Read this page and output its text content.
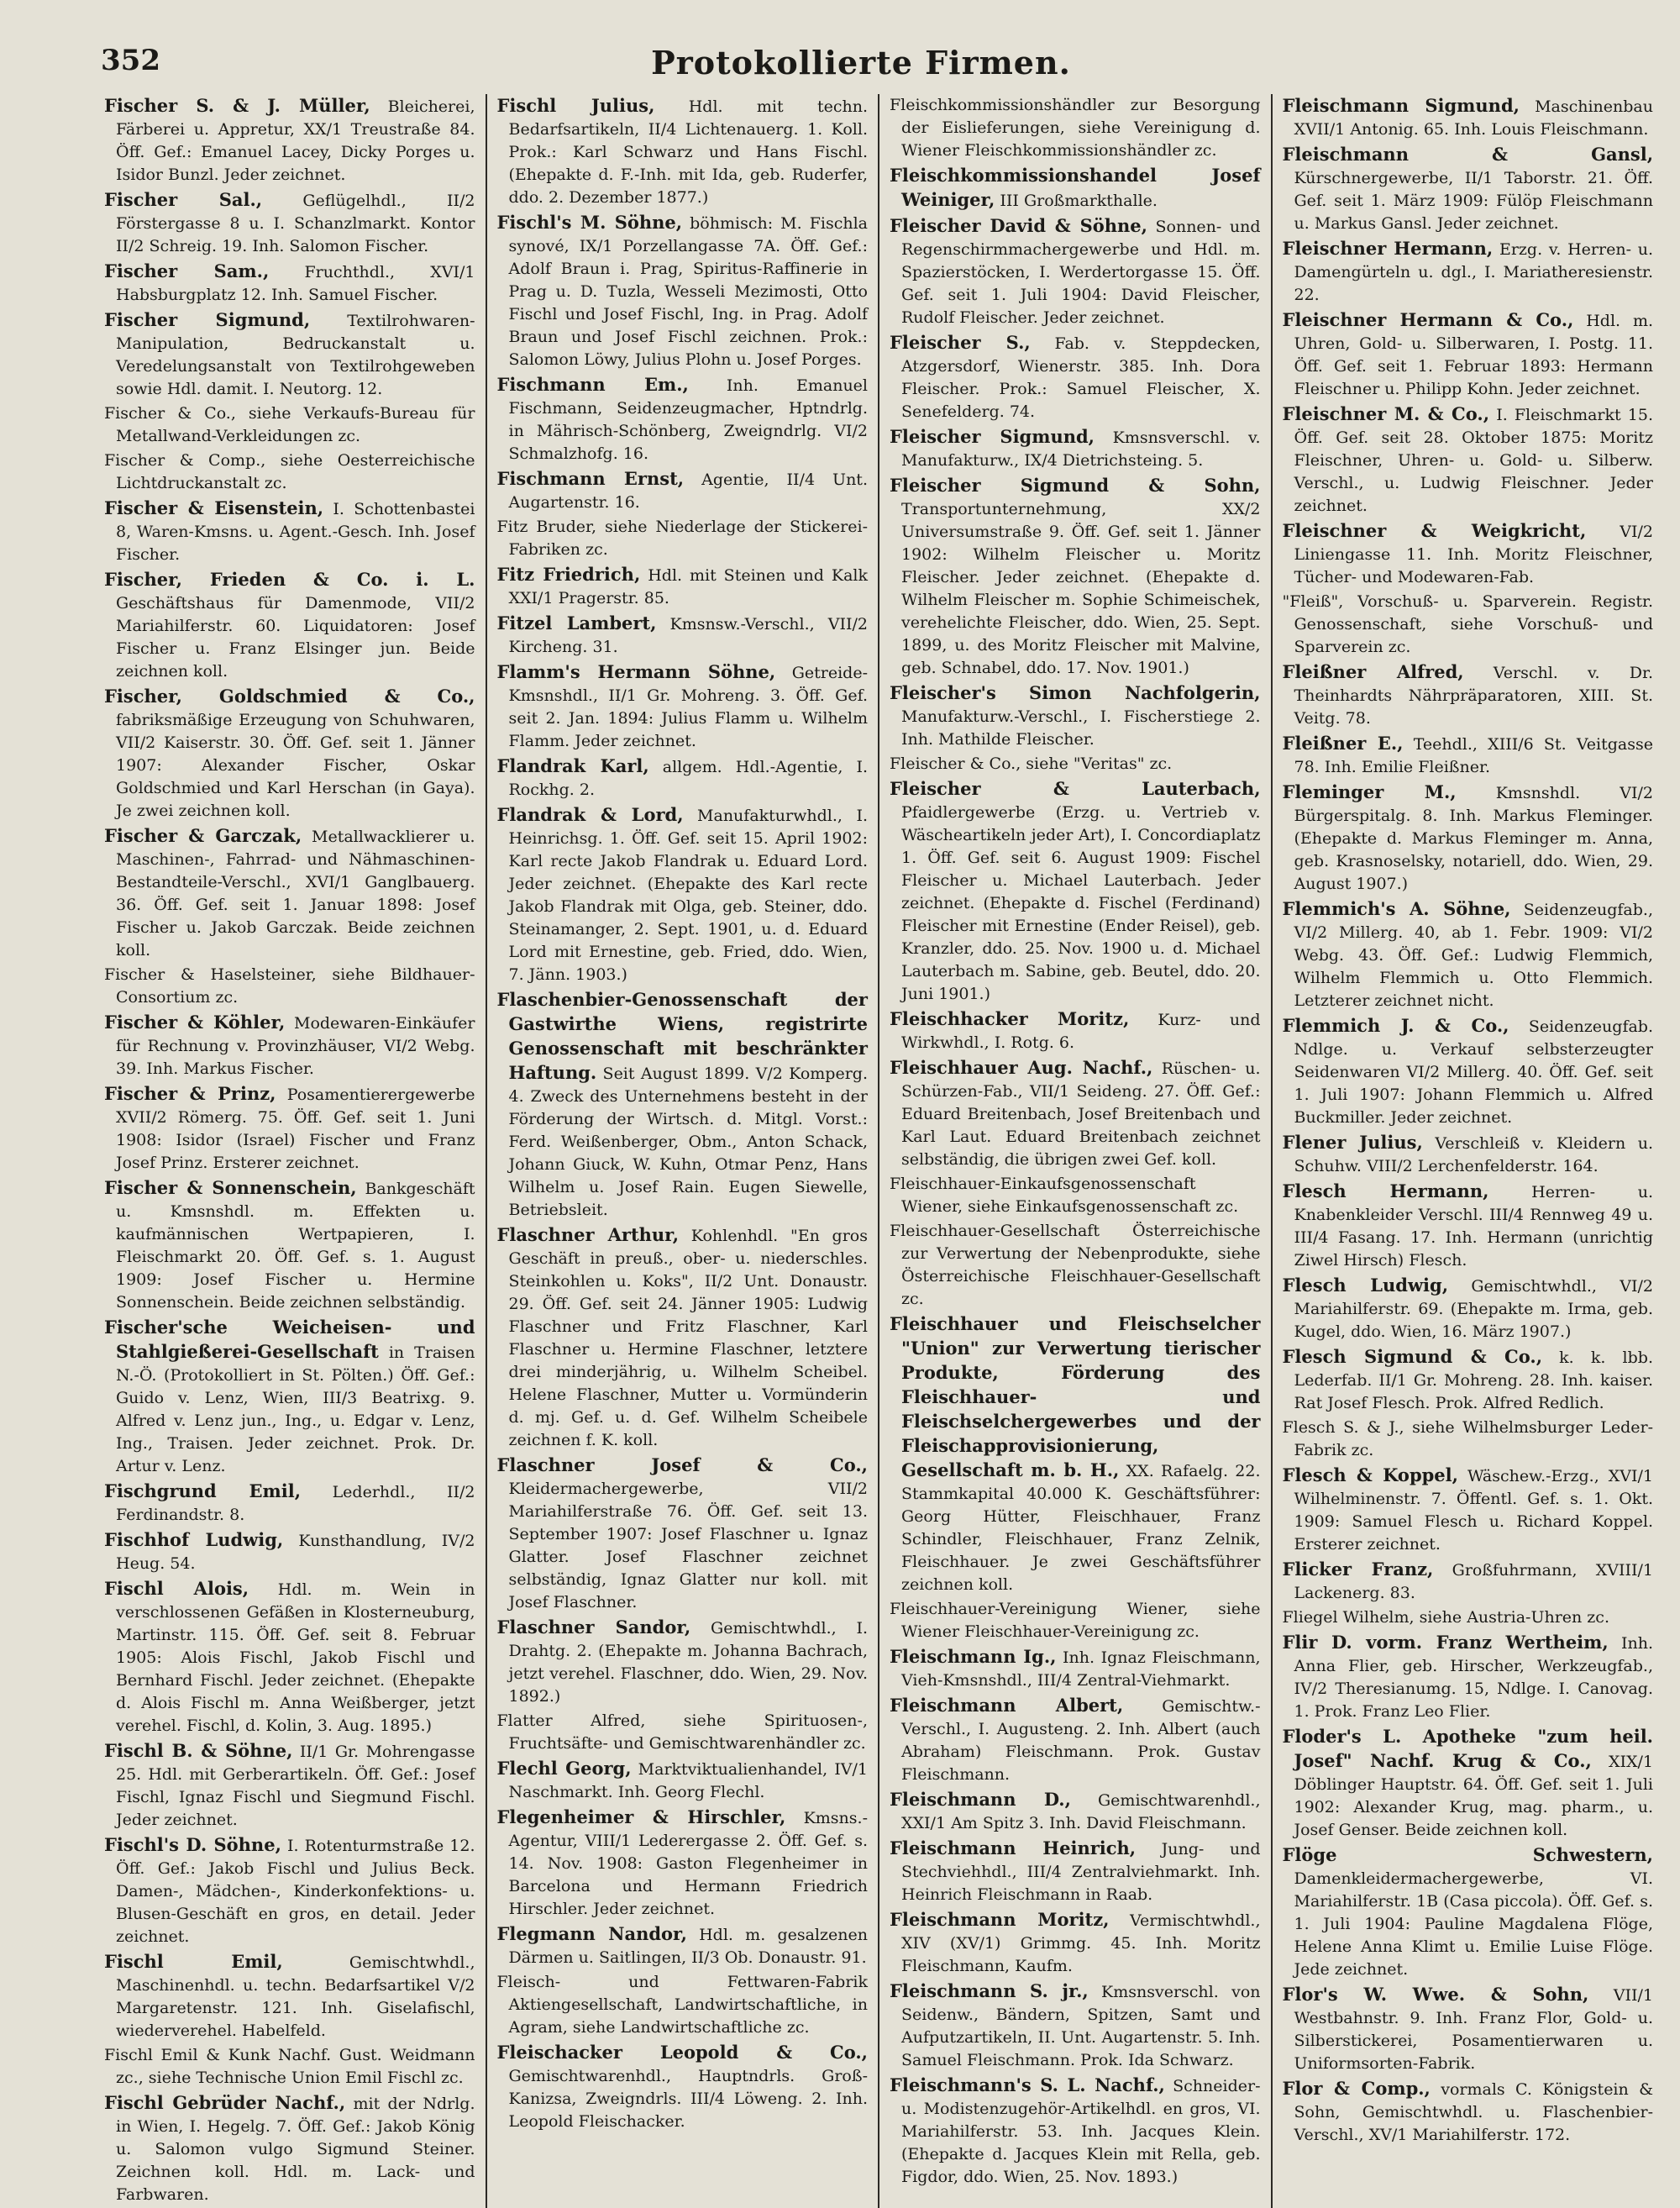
352	Protokollierte Firmen.

Fischer S. & J. Müller, Bleicherei, Färberei u. Appretur, XX/1 Treustraße 84. Öff. Gef.: Emanuel Lacey, Dicky Porges u. Isidor Bunzl. Jeder zeichnet.

Fischer Sal.,	Geflügelhdl., II/2 Förstergasse 8 u. I. Schanzlmarkt. Kontor II/2 Schreig. 19. Inh. Salomon Fischer.

Fischer Sam., Fruchthdl., XVI/1 Habsburgplatz 12. Inh. Samuel Fischer.

Fischer Sigmund, Textilrohwaren-Manipulation, Bedruckanstalt u. Veredelungsanstalt von Textilrohgeweben sowie Hdl. damit. I. Neutorg. 12.

Fischer & Co., siehe Verkaufs-Bureau für Metallwand-Verkleidungen zc.

Fischer & Comp., siehe Oesterreichische Lichtdruckanstalt zc.

Fischer & Eisenstein, I. Schottenbastei 8, Waren-Kmsns. u. Agent.-Gesch. Inh. Josef Fischer.

Fischer, Frieden & Co. i. L. Geschäftshaus für Damenmode, VII/2 Mariahilferstr. 60. Liquidatoren: Josef Fischer u. Franz Elsinger jun. Beide zeichnen koll.

Fischer, Goldschmied & Co., fabriksmäßige Erzeugung von Schuhwaren, VII/2 Kaiserstr. 30. Öff. Gef. seit 1. Jänner 1907: Alexander Fischer, Oskar Goldschmied und Karl Herschan (in Gaya). Je zwei zeichnen koll.

Fischer & Garczak, Metallwacklierer u. Maschinen-, Fahrrad- und Nähmaschinen-Bestandteile-Verschl., XVI/1 Ganglbauerg. 36. Öff. Gef. seit 1. Januar 1898: Josef Fischer u. Jakob Garczak. Beide zeichnen koll.

Fischer & Haselsteiner, siehe Bildhauer-Consortium zc.

Fischer & Köhler, Modewaren-Einkäufer für Rechnung v. Provinzhäuser, VI/2 Webg. 39. Inh. Markus Fischer.

Fischer & Prinz, Posamentierergewerbe XVII/2 Römerg. 75. Öff. Gef. seit 1. Juni 1908: Isidor (Israel) Fischer und Franz Josef Prinz. Ersterer zeichnet.

Fischer & Sonnenschein, Bankgeschäft u. Kmsnshdl. m. Effekten u. kaufmännischen Wertpapieren, I. Fleischmarkt 20. Öff. Gef. s. 1. August 1909: Josef Fischer u. Hermine Sonnenschein. Beide zeichnen selbständig.

Fischer'sche Weicheisen- und Stahlgießerei-Gesellschaft in Traisen N.-Ö. (Protokolliert in St. Pölten.) Öff. Gef.: Guido v. Lenz, Wien, III/3 Beatrixg. 9. Alfred v. Lenz jun., Ing., u. Edgar v. Lenz, Ing., Traisen. Jeder zeichnet. Prok. Dr. Artur v. Lenz.

Fischgrund Emil, Lederhdl., II/2 Ferdinandstr. 8.

Fischhof Ludwig, Kunsthandlung, IV/2 Heug. 54.

Fischl Alois, Hdl. m. Wein in verschlossenen Gefäßen in Klosterneuburg, Martinstr. 115. Öff. Gef. seit 8. Februar 1905: Alois Fischl, Jakob Fischl und Bernhard Fischl. Jeder zeichnet. (Ehepakte d. Alois Fischl m. Anna Weißberger, jetzt verehel. Fischl, d. Kolin, 3. Aug. 1895.)

Fischl B. & Söhne, II/1 Gr. Mohrengasse 25. Hdl. mit Gerberartikeln. Öff. Gef.: Josef Fischl, Ignaz Fischl und Siegmund Fischl. Jeder zeichnet.

Fischl's D. Söhne, I. Rotenturmstraße 12. Öff. Gef.: Jakob Fischl und Julius Beck. Damen-, Mädchen-, Kinderkonfektions- u. Blusen-Geschäft en gros, en detail. Jeder zeichnet.

Fischl Emil,	Gemischtwhdl., Maschinenhdl. u. techn. Bedarfsartikel V/2 Margaretenstr. 121. Inh. Giselafischl, wiederverehel. Habelfeld.

Fischl Emil & Kunk Nachf. Gust. Weidmann zc., siehe Technische Union Emil Fischl zc.

Fischl Gebrüder Nachf., mit der Ndrlg. in Wien, I. Hegelg. 7. Öff. Gef.: Jakob König u. Salomon vulgo Sigmund Steiner. Zeichnen koll. Hdl. m. Lack- und Farbwaren.

Fischl Julius, Hdl. mit techn. Bedarfsartikeln, II/4 Lichtenauerg. 1. Koll. Prok.: Karl Schwarz und Hans Fischl. (Ehepakte d. F.-Inh. mit Ida, geb. Ruderfer, ddo. 2. Dezember 1877.)

Fischl's M. Söhne, böhmisch: M. Fischla synové, IX/1 Porzellangasse 7A. Öff. Gef.: Adolf Braun i. Prag, Spiritus-Raffinerie in Prag u. D. Tuzla, Wesseli Mezimosti, Otto Fischl und Josef Fischl, Ing. in Prag. Adolf Braun und Josef Fischl zeichnen. Prok.: Salomon Löwy, Julius Plohn u. Josef Porges.

Fischmann Em., Inh. Emanuel Fischmann, Seidenzeugmacher, Hptndrlg. in Mährisch-Schönberg, Zweigndrlg. VI/2 Schmalzhofg. 16.

Fischmann Ernst, Agentie, II/4 Unt. Augartenstr. 16.

Fitz Bruder, siehe Niederlage der Stickerei-Fabriken zc.

Fitz Friedrich, Hdl. mit Steinen und Kalk XXI/1 Pragerstr. 85.

Fitzel Lambert, Kmsnsw.-Verschl., VII/2 Kircheng. 31.

Flamm's Hermann Söhne, Getreide-Kmsnshdl., II/1 Gr. Mohreng. 3. Öff. Gef. seit 2. Jan. 1894: Julius Flamm u. Wilhelm Flamm. Jeder zeichnet.

Flandrak Karl, allgem. Hdl.-Agentie, I. Rockhg. 2.

Flandrak & Lord, Manufakturwhdl., I. Heinrichsg. 1. Öff. Gef. seit 15. April 1902: Karl recte Jakob Flandrak u. Eduard Lord. Jeder zeichnet. (Ehepakte des Karl recte Jakob Flandrak mit Olga, geb. Steiner, ddo. Steinamanger, 2. Sept. 1901, u. d. Eduard Lord mit Ernestine, geb. Fried, ddo. Wien, 7. Jänn. 1903.)

Flaschenbier-Genossenschaft der Gastwirthe Wiens, registrirte Genossenschaft mit beschränkter Haftung. Seit August 1899. V/2 Komperg. 4. Zweck des Unternehmens besteht in der Förderung der Wirtsch. d. Mitgl. Vorst.: Ferd. Weißenberger, Obm., Anton Schack, Johann Giuck, W. Kuhn, Otmar Penz, Hans Wilhelm u. Josef Rain. Eugen Siewelle, Betriebsleit.

Flaschner Arthur, Kohlenhdl. "En gros Geschäft in preuß., ober- u. niederschles. Steinkohlen u. Koks", II/2 Unt. Donaustr. 29. Öff. Gef. seit 24. Jänner 1905: Ludwig Flaschner und Fritz Flaschner, Karl Flaschner u. Hermine Flaschner, letztere drei minderjährig, u. Wilhelm Scheibel. Helene Flaschner, Mutter u. Vormünderin d. mj. Gef. u. d. Gef. Wilhelm Scheibele zeichnen f. K. koll.

Flaschner Josef & Co., Kleidermachergewerbe, VII/2 Mariahilferstraße 76. Öff. Gef. seit 13. September 1907: Josef Flaschner u. Ignaz Glatter. Josef Flaschner zeichnet selbständig, Ignaz Glatter nur koll. mit Josef Flaschner.

Flaschner Sandor, Gemischtwhdl., I. Drahtg. 2. (Ehepakte m. Johanna Bachrach, jetzt verehel. Flaschner, ddo. Wien, 29. Nov. 1892.)

Flatter Alfred, siehe Spirituosen-, Fruchtsäfte- und Gemischtwarenhändler zc.

Flechl Georg, Marktviktualienhandel, IV/1 Naschmarkt. Inh. Georg Flechl.

Flegenheimer & Hirschler, Kmsns.-Agentur, VIII/1 Lederergasse 2. Öff. Gef. s. 14. Nov. 1908: Gaston Flegenheimer in Barcelona und Hermann Friedrich Hirschler. Jeder zeichnet.

Flegmann Nandor, Hdl. m. gesalzenen Därmen u. Saitlingen, II/3 Ob. Donaustr. 91.

Fleisch- und Fettwaren-Fabrik Aktiengesellschaft, Landwirtschaftliche, in Agram, siehe Landwirtschaftliche zc.

Fleischacker Leopold & Co., Gemischtwarenhdl., Hauptndrls. Groß-Kanizsa, Zweigndrls. III/4 Löweng. 2. Inh. Leopold Fleischacker.

Fleischkommissionshändler zur Besorgung der Eislieferungen, siehe Vereinigung d. Wiener Fleischkommissionshändler zc.

Fleischkommissionshandel Josef Weiniger, III Großmarkthalle.

Fleischer David & Söhne, Sonnen- und Regenschirmmachergewerbe und Hdl. m. Spazierstöcken, I. Werdertorgasse 15. Öff. Gef. seit 1. Juli 1904: David Fleischer, Rudolf Fleischer. Jeder zeichnet.

Fleischer S., Fab. v. Steppdecken, Atzgersdorf, Wienerstr. 385. Inh. Dora Fleischer. Prok.: Samuel Fleischer, X. Senefelderg. 74.

Fleischer Sigmund, Kmsnsverschl. v. Manufakturw., IX/4 Dietrichsteing. 5.

Fleischer Sigmund & Sohn, Transportunternehmung, XX/2 Universumstraße 9. Öff. Gef. seit 1. Jänner 1902: Wilhelm Fleischer u. Moritz Fleischer. Jeder zeichnet. (Ehepakte d. Wilhelm Fleischer m. Sophie Schimeischek, verehelichte Fleischer, ddo. Wien, 25. Sept. 1899, u. des Moritz Fleischer mit Malvine, geb. Schnabel, ddo. 17. Nov. 1901.)

Fleischer's Simon Nachfolgerin, Manufakturw.-Verschl., I. Fischerstiege 2. Inh. Mathilde Fleischer.

Fleischer & Co., siehe "Veritas" zc.

Fleischer & Lauterbach, Pfaidlergewerbe (Erzg. u. Vertrieb v. Wäscheartikeln jeder Art), I. Concordiaplatz 1. Öff. Gef. seit 6. August 1909: Fischel Fleischer u. Michael Lauterbach. Jeder zeichnet. (Ehepakte d. Fischel (Ferdinand) Fleischer mit Ernestine (Ender Reisel), geb. Kranzler, ddo. 25. Nov. 1900 u. d. Michael Lauterbach m. Sabine, geb. Beutel, ddo. 20. Juni 1901.)

Fleischhacker Moritz, Kurz- und Wirkwhdl., I. Rotg. 6.

Fleischhauer Aug. Nachf., Rüschen- u. Schürzen-Fab., VII/1 Seideng. 27. Öff. Gef.: Eduard Breitenbach, Josef Breitenbach und Karl Laut. Eduard Breitenbach zeichnet selbständig, die übrigen zwei Gef. koll.

Fleischhauer-Einkaufsgenossenschaft Wiener, siehe Einkaufsgenossenschaft zc.

Fleischhauer-Gesellschaft Österreichische zur Verwertung der Nebenprodukte, siehe Österreichische Fleischhauer-Gesellschaft zc.

Fleischhauer und Fleischselcher "Union" zur Verwertung tierischer Produkte, Förderung des Fleischhauer- und Fleischselchergewerbes und der Fleischapprovisionierung, Gesellschaft m. b. H., XX. Rafaelg. 22. Stammkapital 40.000 K. Geschäftsführer: Georg Hütter, Fleischhauer, Franz Schindler, Fleischhauer, Franz Zelnik, Fleischhauer. Je zwei Geschäftsführer zeichnen koll.

Fleischhauer-Vereinigung Wiener, siehe Wiener Fleischhauer-Vereinigung zc.

Fleischmann Ig., Inh. Ignaz Fleischmann, Vieh-Kmsnshdl., III/4 Zentral-Viehmarkt.

Fleischmann Albert, Gemischtw.-Verschl., I. Augusteng. 2. Inh. Albert (auch Abraham) Fleischmann. Prok. Gustav Fleischmann.

Fleischmann D., Gemischtwarenhdl., XXI/1 Am Spitz 3. Inh. David Fleischmann.

Fleischmann Heinrich, Jung- und Stechviehhdl., III/4 Zentralviehmarkt. Inh. Heinrich Fleischmann in Raab.

Fleischmann Moritz, Vermischtwhdl., XIV (XV/1) Grimmg. 45. Inh. Moritz Fleischmann, Kaufm.

Fleischmann S. jr., Kmsnsverschl. von Seidenw., Bändern, Spitzen, Samt und Aufputzartikeln, II. Unt. Augartenstr. 5. Inh. Samuel Fleischmann. Prok. Ida Schwarz.

Fleischmann's S. L. Nachf., Schneider- u. Modistenzugehör-Artikelhdl. en gros, VI. Mariahilferstr. 53. Inh. Jacques Klein. (Ehepakte d. Jacques Klein mit Rella, geb. Figdor, ddo. Wien, 25. Nov. 1893.)

Fleischmann Sigmund, Maschinenbau XVII/1 Antonig. 65. Inh. Louis Fleischmann.

Fleischmann & Gansl, Kürschnergewerbe, II/1 Taborstr. 21. Öff. Gef. seit 1. März 1909: Fülöp Fleischmann u. Markus Gansl. Jeder zeichnet.

Fleischner Hermann, Erzg. v. Herren- u. Damengürteln u. dgl., I. Mariatheresienstr. 22.

Fleischner Hermann & Co., Hdl. m. Uhren, Gold- u. Silberwaren, I. Postg. 11. Öff. Gef. seit 1. Februar 1893: Hermann Fleischner u. Philipp Kohn. Jeder zeichnet.

Fleischner M. & Co., I. Fleischmarkt 15. Öff. Gef. seit 28. Oktober 1875: Moritz Fleischner, Uhren- u. Gold- u. Silberw. Verschl., u. Ludwig Fleischner. Jeder zeichnet.

Fleischner & Weigkricht, VI/2 Liniengasse 11. Inh. Moritz Fleischner, Tücher- und Modewaren-Fab.

"Fleiß", Vorschuß- u. Sparverein. Registr. Genossenschaft, siehe Vorschuß- und Sparverein zc.

Fleißner Alfred, Verschl. v. Dr. Theinhardts Nährpräparatoren, XIII. St. Veitg. 78.

Fleißner E., Teehdl., XIII/6 St. Veitgasse 78. Inh. Emilie Fleißner.

Fleminger M., Kmsnshdl. VI/2 Bürgerspitalg. 8. Inh. Markus Fleminger. (Ehepakte d. Markus Fleminger m. Anna, geb. Krasnoselsky, notariell, ddo. Wien, 29. August 1907.)

Flemmich's A. Söhne, Seidenzeugfab., VI/2 Millerg. 40, ab 1. Febr. 1909: VI/2 Webg. 43. Öff. Gef.: Ludwig Flemmich, Wilhelm Flemmich u. Otto Flemmich. Letzterer zeichnet nicht.

Flemmich J. & Co., Seidenzeugfab. Ndlge. u. Verkauf selbsterzeugter Seidenwaren VI/2 Millerg. 40. Öff. Gef. seit 1. Juli 1907: Johann Flemmich u. Alfred Buckmiller. Jeder zeichnet.

Flener Julius, Verschleiß v. Kleidern u. Schuhw. VIII/2 Lerchenfelderstr. 164.

Flesch Hermann,	Herren- u. Knabenkleider Verschl. III/4 Rennweg 49 u. III/4 Fasang. 17. Inh. Hermann (unrichtig Ziwel Hirsch) Flesch.

Flesch Ludwig, Gemischtwhdl., VI/2 Mariahilferstr. 69. (Ehepakte m. Irma, geb. Kugel, ddo. Wien, 16. März 1907.)

Flesch Sigmund & Co., k. k. lbb. Lederfab. II/1 Gr. Mohreng. 28. Inh. kaiser. Rat Josef Flesch. Prok. Alfred Redlich.

Flesch S. & J., siehe Wilhelmsburger Leder-Fabrik zc.

Flesch & Koppel, Wäschew.-Erzg., XVI/1 Wilhelminenstr. 7. Öffentl. Gef. s. 1. Okt. 1909: Samuel Flesch u. Richard Koppel. Ersterer zeichnet.

Flicker Franz, Großfuhrmann, XVIII/1 Lackenerg. 83.

Fliegel Wilhelm, siehe Austria-Uhren zc.

Flir D. vorm. Franz Wertheim, Inh. Anna Flier, geb. Hirscher, Werkzeugfab., IV/2 Theresianumg. 15, Ndlge. I. Canovag. 1. Prok. Franz Leo Flier.

Floder's L. Apotheke "zum heil. Josef" Nachf. Krug & Co., XIX/1 Döblinger Hauptstr. 64. Öff. Gef. seit 1. Juli 1902: Alexander Krug, mag. pharm., u. Josef Genser. Beide zeichnen koll.

Flöge Schwestern, Damenkleidermachergewerbe, VI. Mariahilferstr. 1B (Casa piccola). Öff. Gef. s. 1. Juli 1904: Pauline Magdalena Flöge, Helene Anna Klimt u. Emilie Luise Flöge. Jede zeichnet.

Flor's W. Wwe. & Sohn, VII/1 Westbahnstr. 9. Inh. Franz Flor, Gold- u. Silberstickerei, Posamentierwaren u. Uniformsorten-Fabrik.

Flor & Comp., vormals C. Königstein & Sohn, Gemischtwhdl. u. Flaschenbier-Verschl., XV/1 Mariahilferstr. 172.
